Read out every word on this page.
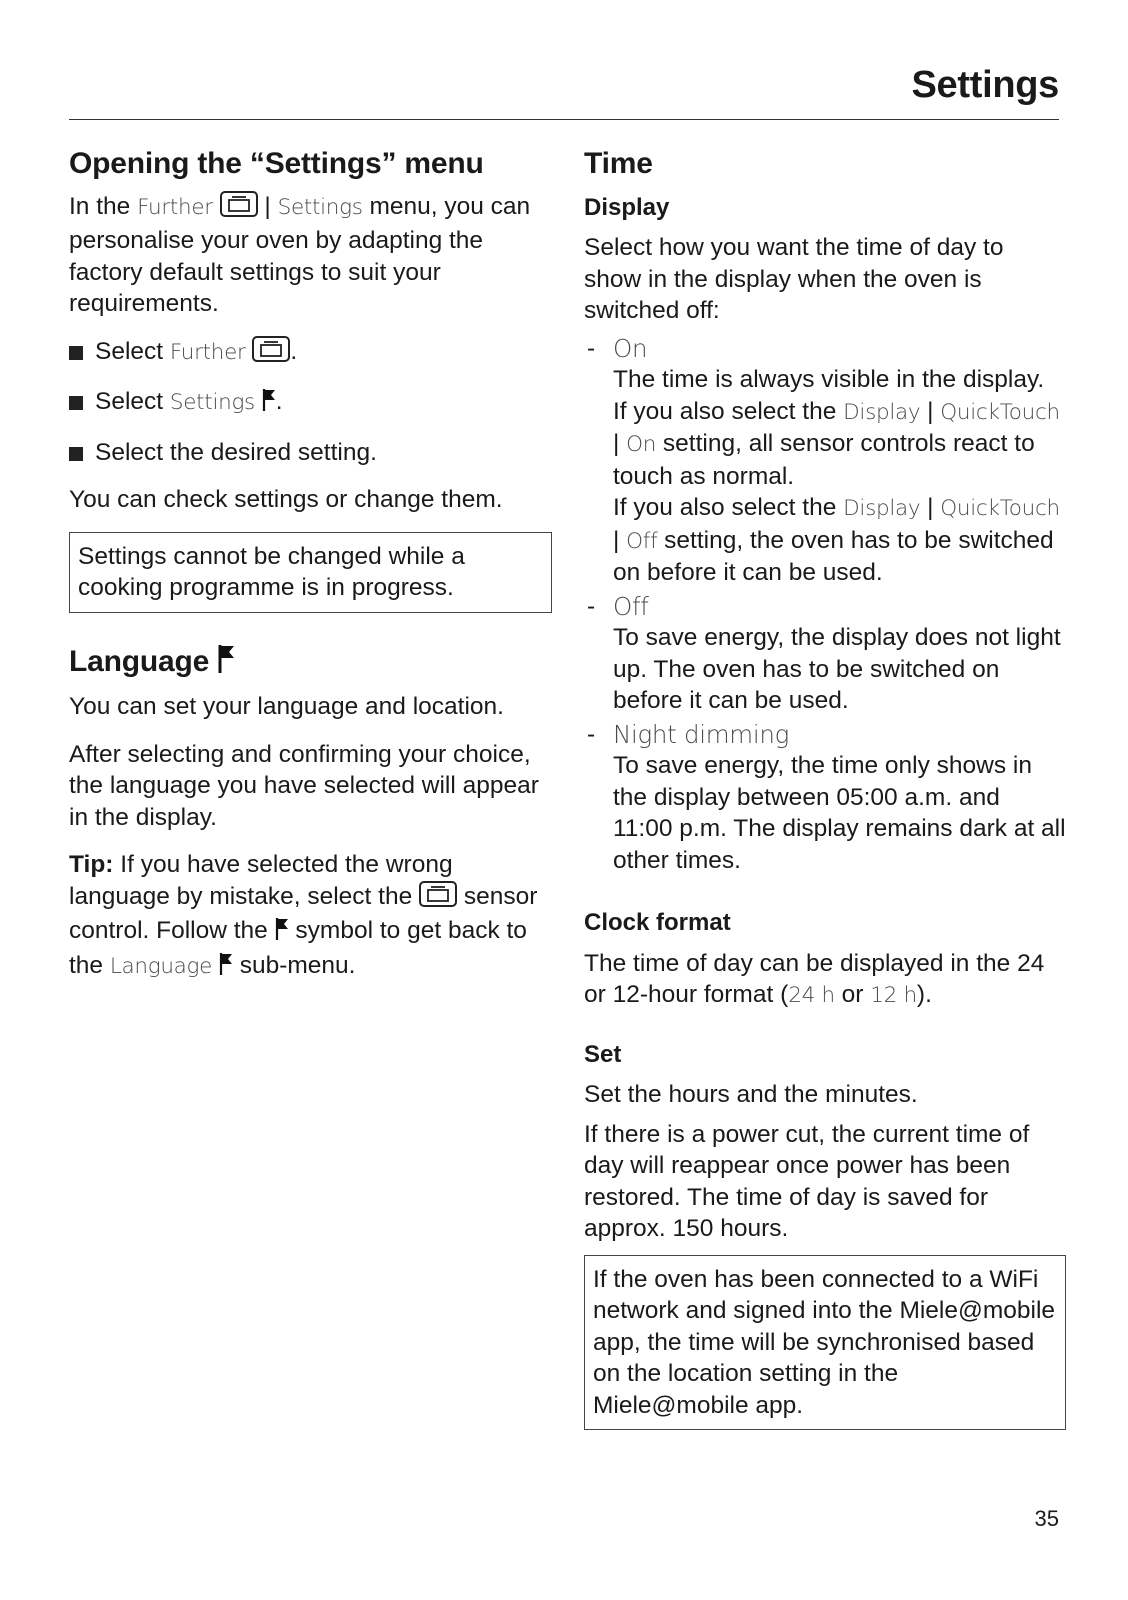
Settings
Opening the “Settings” menu

In the Further  | Settings menu, you can personalise your oven by adapting the factory default settings to suit your requirements.

Select Further .
Select Settings .
Select the desired setting.

You can check settings or change them.

Settings cannot be changed while a cooking programme is in progress.
Language

You can set your language and location.

After selecting and confirming your choice, the language you have selected will appear in the display.

Tip: If you have selected the wrong language by mistake, select the  sensor control. Follow the  symbol to get back to the Language  sub-menu.

Time
Display

Select how you want the time of day to show in the display when the oven is switched off:

- On

The time is always visible in the display.

If you also select the Display | QuickTouch | On setting, all sensor controls react to touch as normal.

If you also select the Display | QuickTouch | Off setting, the oven has to be switched on before it can be used.

- Off

To save energy, the display does not light up. The oven has to be switched on before it can be used.

- Night dimming

To save energy, the time only shows in the display between 05:00 a.m. and 11:00 p.m. The display remains dark at all other times.

Clock format

The time of day can be displayed in the 24 or 12-hour format (24 h or 12 h).

Set

Set the hours and the minutes.

If there is a power cut, the current time of day will reappear once power has been restored. The time of day is saved for approx. 150 hours.

If the oven has been connected to a WiFi network and signed into the Miele@mobile app, the time will be synchronised based on the location setting in the Miele@mobile app.
35
